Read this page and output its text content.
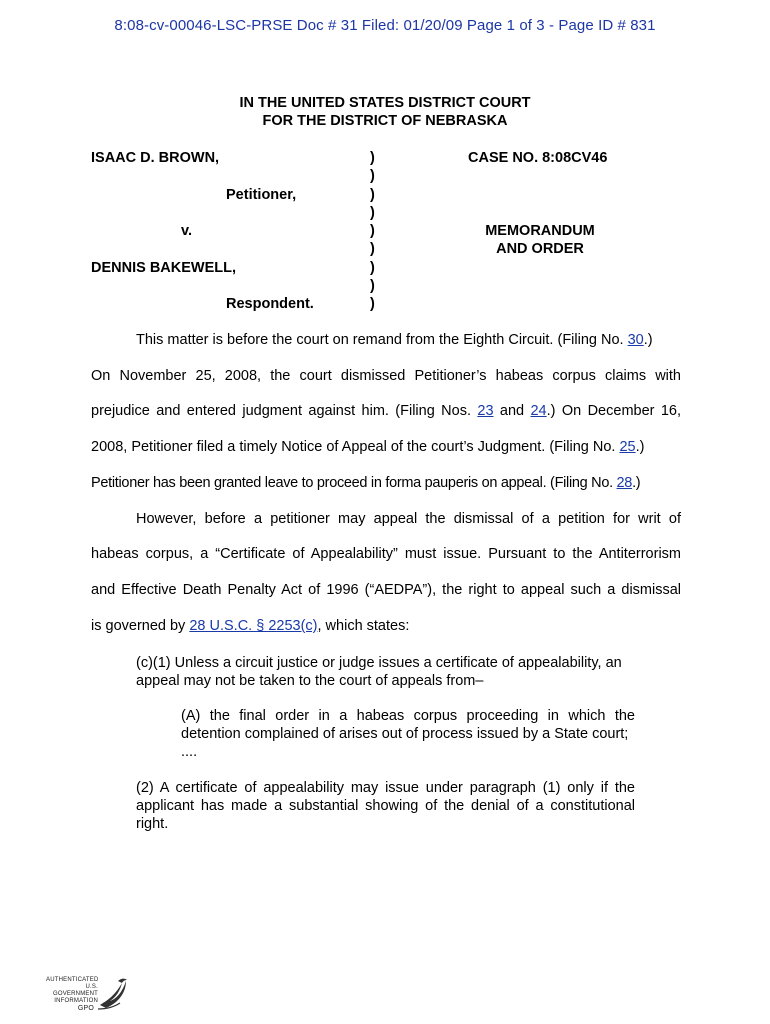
8:08-cv-00046-LSC-PRSE Doc # 31 Filed: 01/20/09 Page 1 of 3 - Page ID # 831
IN THE UNITED STATES DISTRICT COURT
FOR THE DISTRICT OF NEBRASKA
ISAAC D. BROWN,
Petitioner,
v.
DENNIS BAKEWELL,
Respondent.
)
)
)
)
)
)
)
)
)
CASE NO. 8:08CV46
MEMORANDUM
AND ORDER
This matter is before the court on remand from the Eighth Circuit. (Filing No. 30.)
On November 25, 2008, the court dismissed Petitioner’s habeas corpus claims with
prejudice and entered judgment against him. (Filing Nos. 23 and 24.) On December 16,
2008, Petitioner filed a timely Notice of Appeal of the court’s Judgment. (Filing No. 25.)
Petitioner has been granted leave to proceed in forma pauperis on appeal. (Filing No. 28.)
However, before a petitioner may appeal the dismissal of a petition for writ of
habeas corpus, a “Certificate of Appealability” must issue. Pursuant to the Antiterrorism
and Effective Death Penalty Act of 1996 (“AEDPA”), the right to appeal such a dismissal
is governed by 28 U.S.C. § 2253(c), which states:
(c)(1) Unless a circuit justice or judge issues a certificate of appealability, an appeal may not be taken to the court of appeals from–
(A) the final order in a habeas corpus proceeding in which the detention complained of arises out of process issued by a State court;
....
(2) A certificate of appealability may issue under paragraph (1) only if the applicant has made a substantial showing of the denial of a constitutional right.
AUTHENTICATED
U.S. GOVERNMENT
INFORMATION
GPO
